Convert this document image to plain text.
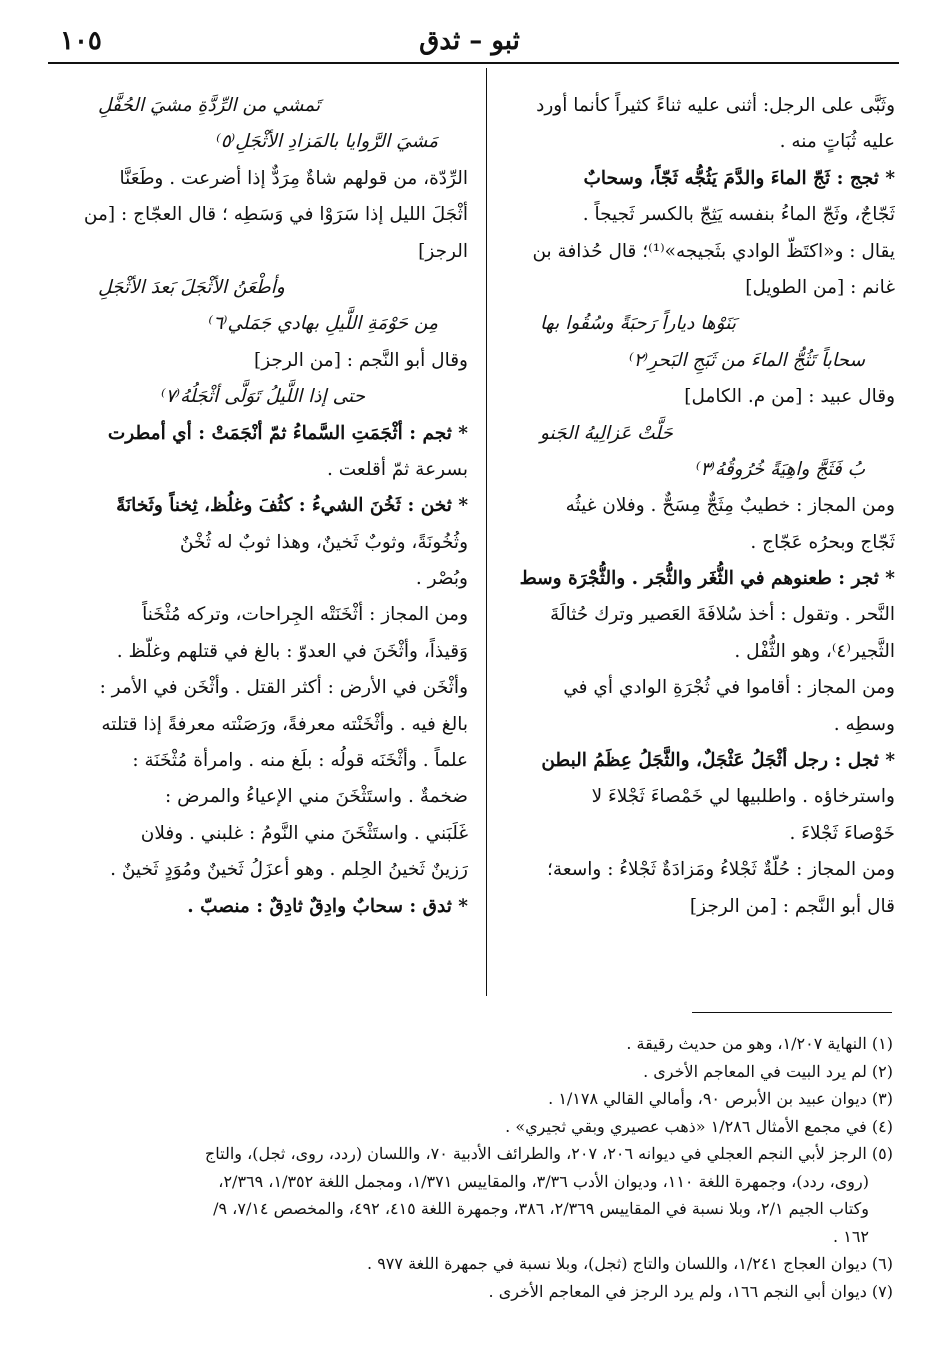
١٠٥	ثبو – ثدق
وثَبَّى على الرجل: أثنى عليه ثناءً كثيراً كأنما أورد
عليه ثُبَاتٍ منه .
* ثجج : ثَجّ الماءَ والدَّمَ يَثُجُّه ثَجّاً، وسحابٌ
ثَجّاجٌ، وثَجّ الماءُ بنفسه يَثِجّ بالكسر ثَجيجاً .
يقال : و«اكتَظّ الوادي بثَجيجه»⁽¹⁾؛ قال حُذافة بن
غانم : [من الطويل]
بَنَوْها دياراً رَحبَةً وسُقُوا بها
سحاباً تَثُجُّ الماءَ من ثَبَجِ البَحرِ⁽٢⁾
وقال عبيد : [من م. الكامل]
حَلَّتْ عَزالِيهُ الجَنو
بُ فَثَجَّ واهِيَةً خُرُوقُهُ⁽٣⁾
ومن المجاز : خطيبٌ مِثَجٌّ مِسَحٌّ . وفلان غيثُه
ثَجّاج وبحرُه عَجّاج .
* ثجر : طعنوهم في الثُّغَر والثُّجَر . والثُّجْرَة وسط
النَّحر . وتقول : أخذ سُلافَةَ العَصير وترك حُثالَةَ
الثَّجير⁽٤⁾، وهو الثُّفْل .
ومن المجاز : أقاموا في ثُجْرَةِ الوادي أي في
وسطِه .
* ثجل : رجل أثْجَلُ عَثْجَلٌ، والثَّجَلُ عِظَمُ البطن
واسترخاؤه . واطلبيها لي خَمْصاءَ ثَجْلاءَ لا
خَوْصاءَ ثَجْلاءَ .
ومن المجاز : حُلّةٌ ثَجْلاءُ ومَزادَةٌ ثَجْلاءُ : واسعة؛
قال أبو النَّجم : [من الرجز]
تَمشي من الرِّدَّةِ مشيَ الحُفَّلِ
مَشيَ الرَّوايا بالمَزادِ الأثْجَلِ⁽٥⁾
الرِّدّة، من قولهم شاةٌ مِرَدٌّ إذا أضرعت . وطَعَنَّا
أثْجَلَ الليل إذا سَرَوْا في وَسَطِه ؛ قال العجّاج : [من
الرجز]
وأطْعَنُ الأثْجَلَ بَعدَ الأثْجَلِ
مِن حَوْمَةِ اللَّيلِ بهادي جَمَلي⁽٦⁾
وقال أبو النَّجم : [من الرجز]
حتى إذا اللَّيلُ تَوَلَّى أثْجَلُهُ⁽٧⁾
* ثجم : أثْجَمَتِ السَّماءُ ثمّ أنْجَمَتْ : أي أمطرت
بسرعة ثمّ أقلعت .
* ثخن : ثَخُنَ الشيءُ : كثُفَ وغلُظ، ثِخناً وثَخانَةً
وثُخُونَةً، وثوبٌ ثَخينٌ، وهذا ثوبٌ له ثُخْنٌ
وبُصْر .
ومن المجاز : أثْخَنَتْه الجِراحات، وتركه مُثْخَناً
وَقيذاً، وأثْخَنَ في العدوّ : بالغ في قتلهم وغلّظ .
وأثْخَن في الأرض : أكثر القتل . وأثْخَن في الأمر :
بالغ فيه . وأثْخَنْته معرفةً، ورَصَنْته معرفةً إذا قتلته
علماً . وأثْخَنَه قولُه : بلَغ منه . وامرأة مُثْخَنَة :
ضخمةٌ . واستَثْخَنَ مني الإعياءُ والمرض :
غَلَبَني . واستَثْخَنَ مني النَّومُ : غلبني . وفلان
رَزينٌ ثَخينُ الحِلم . وهو أعزَلُ ثَخينٌ ومُوَدٍ ثَخينٌ .
* ثدق : سحابٌ وادِقٌ ثادِقٌ : منصبّ .
(١) النهاية ١/٢٠٧، وهو من حديث رقيقة .
(٢) لم يرد البيت في المعاجم الأخرى .
(٣) ديوان عبيد بن الأبرص ٩٠، وأمالي القالي ١/١٧٨ .
(٤) في مجمع الأمثال ١/٢٨٦ «ذهب عصيري وبقي ثجيري» .
(٥) الرجز لأبي النجم العجلي في ديوانه ٢٠٦، ٢٠٧، والطرائف الأدبية ٧٠، واللسان (ردد، روى، ثجل)، والتاج
(روى، ردد)، وجمهرة اللغة ١١٠، وديوان الأدب ٣/٣٦، والمقاييس ١/٣٧١، ومجمل اللغة ١/٣٥٢، ٢/٣٦٩،
وكتاب الجيم ٢/١، وبلا نسبة في المقاييس ٢/٣٦٩، ٣٨٦، وجمهرة اللغة ٤١٥، ٤٩٢، والمخصص ٧/١٤، ٩/
١٦٢ .
(٦) ديوان العجاج ١/٢٤١، واللسان والتاج (ثجل)، وبلا نسبة في جمهرة اللغة ٩٧٧ .
(٧) ديوان أبي النجم ١٦٦، ولم يرد الرجز في المعاجم الأخرى .
